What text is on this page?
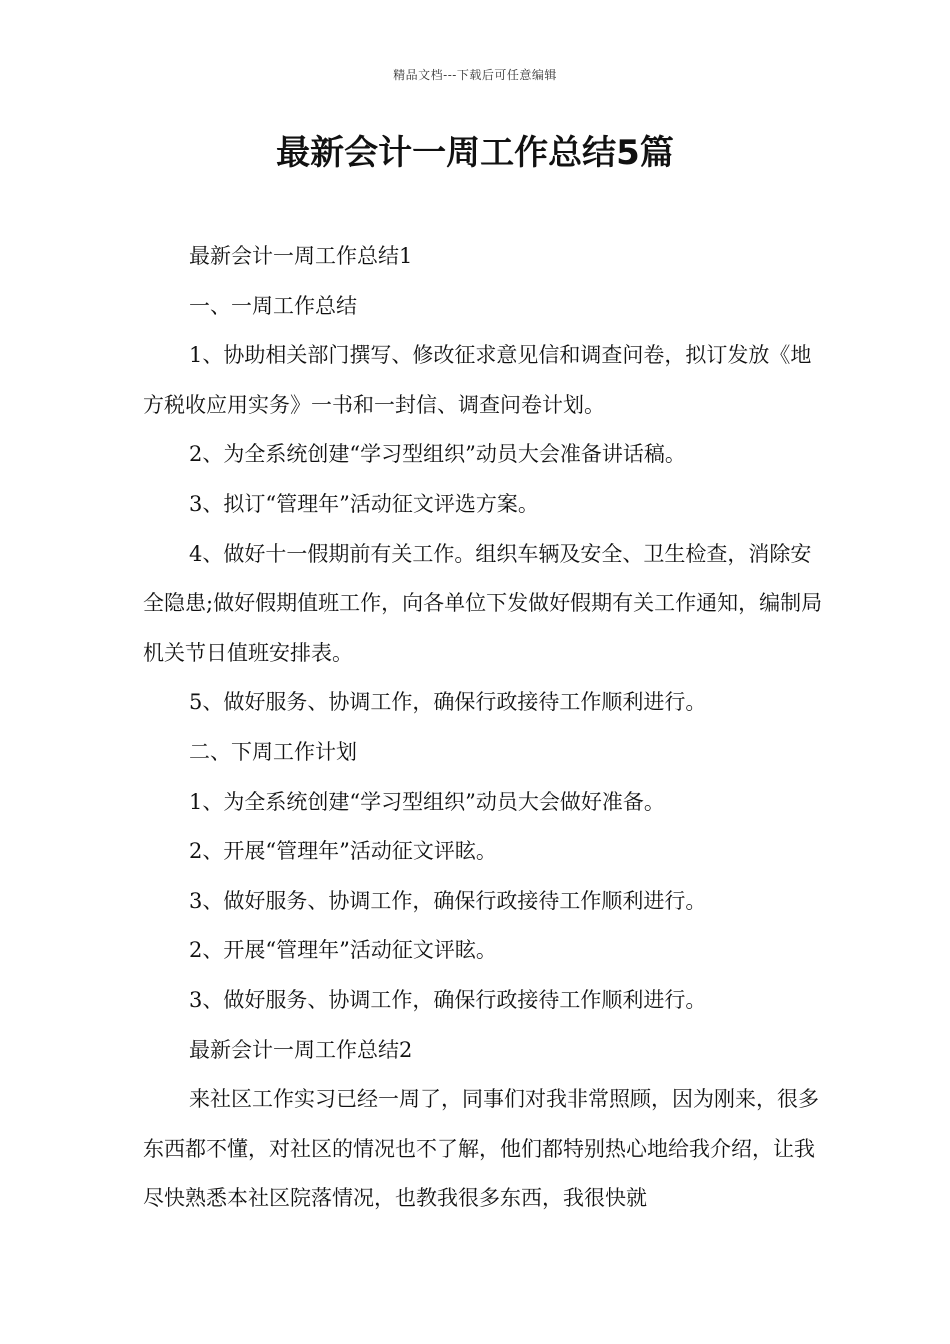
精品文档---下载后可任意编辑
最新会计一周工作总结5篇

最新会计一周工作总结1

一、一周工作总结

1、协助相关部门撰写、修改征求意见信和调查问卷，拟订发放《地方税收应用实务》一书和一封信、调查问卷计划。

2、为全系统创建“学习型组织”动员大会准备讲话稿。

3、拟订“管理年”活动征文评选方案。

4、做好十一假期前有关工作。组织车辆及安全、卫生检查，消除安全隐患;做好假期值班工作，向各单位下发做好假期有关工作通知，编制局机关节日值班安排表。

5、做好服务、协调工作，确保行政接待工作顺利进行。

二、下周工作计划

1、为全系统创建“学习型组织”动员大会做好准备。

2、开展“管理年”活动征文评眩。

3、做好服务、协调工作，确保行政接待工作顺利进行。

2、开展“管理年”活动征文评眩。

3、做好服务、协调工作，确保行政接待工作顺利进行。

最新会计一周工作总结2

来社区工作实习已经一周了，同事们对我非常照顾，因为刚来，很多东西都不懂，对社区的情况也不了解，他们都特别热心地给我介绍，让我尽快熟悉本社区院落情况，也教我很多东西，我很快就
